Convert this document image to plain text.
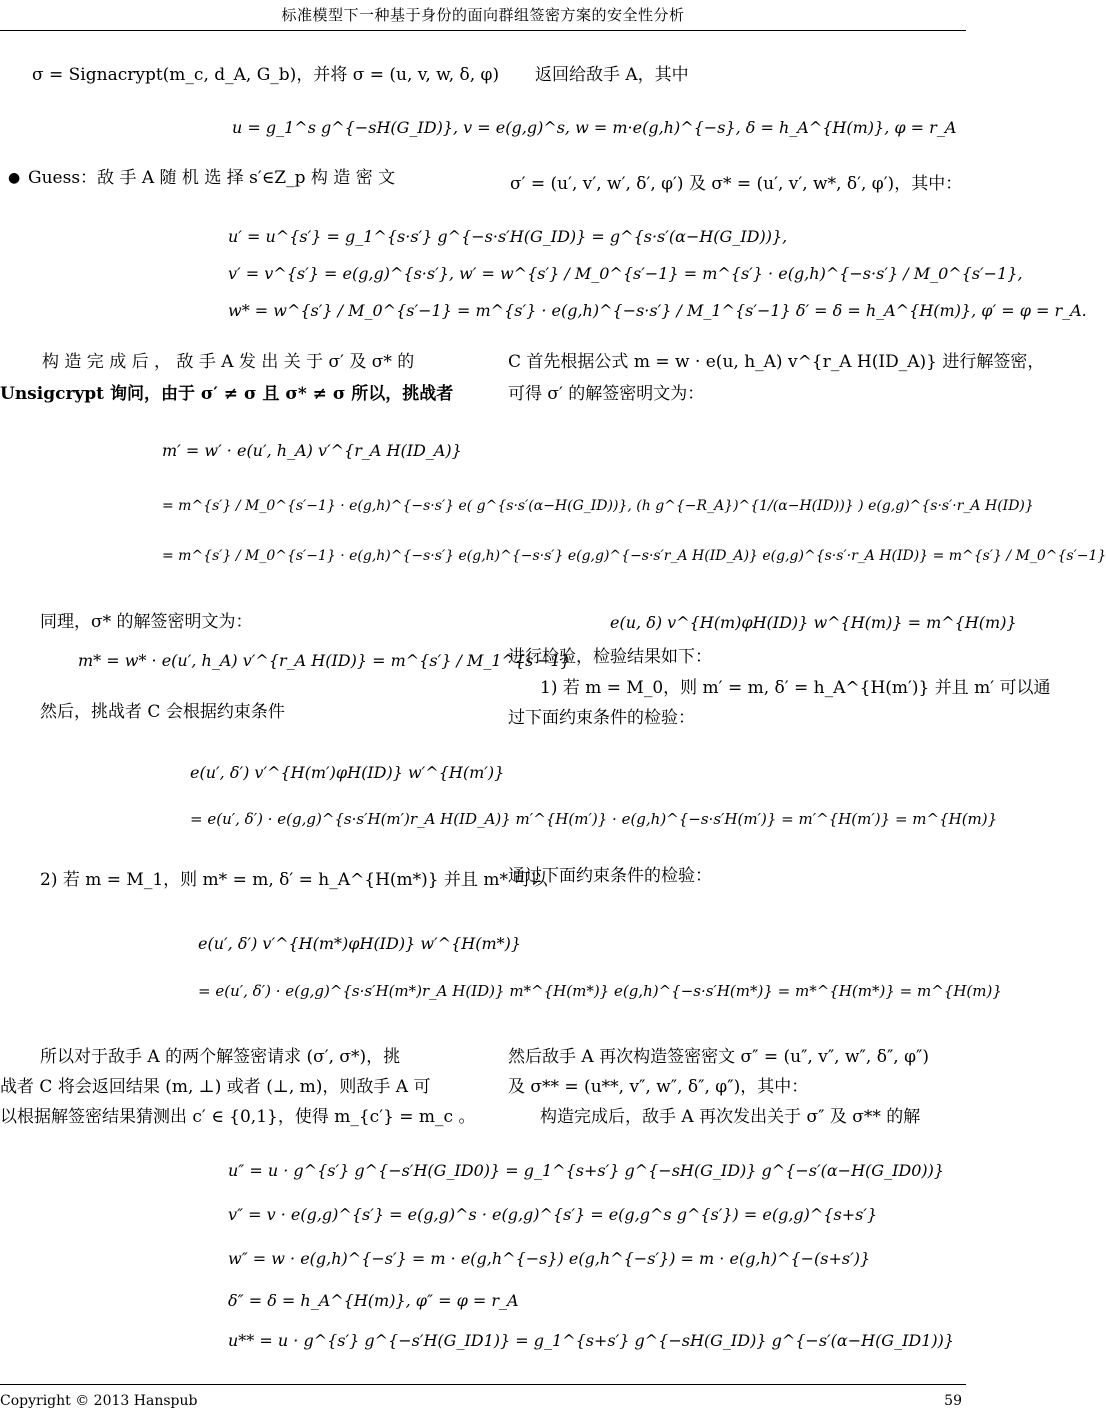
标准模型下一种基于身份的面向群组签密方案的安全性分析
σ = Signacrypt(m_c, d_A, G_b)，并将 σ = (u, v, w, δ, φ) 返回给敌手 A，其中
u = g_1^s g^{−sH(G_ID)}, v = e(g,g)^s, w = m·e(g,h)^{−s}, δ = h_A^{H(m)}, φ = r_A
● Guess：敌 手 A 随 机 选 择 s′∈Z_p 构 造 密 文	σ′ = (u′, v′, w′, δ′, φ′) 及 σ* = (u′, v′, w*, δ′, φ′)，其中：
u′ = u^{s′} = g_1^{s·s′} g^{−s·s′H(G_ID)} = g^{s·s′(α−H(G_ID))},
v′ = v^{s′} = e(g,g)^{s·s′}, w′ = w^{s′} / M_0^{s′−1} = m^{s′} · e(g,h)^{−s·s′} / M_0^{s′−1},
w* = w^{s′} / M_0^{s′−1} = m^{s′} · e(g,h)^{−s·s′} / M_1^{s′−1} δ′ = δ = h_A^{H(m)}, φ′ = φ = r_A.
构 造 完 成 后 ， 敌 手 A 发 出 关 于 σ′ 及 σ* 的
Unsigcrypt 询问，由于 σ′ ≠ σ 且 σ* ≠ σ 所以，挑战者
C 首先根据公式 m = w · e(u, h_A) v^{r_A H(ID_A)} 进行解签密，
可得 σ′ 的解签密明文为：
m′ = w′ · e(u′, h_A) v′^{r_A H(ID_A)}
= m^{s′} / M_0^{s′−1} · e(g,h)^{−s·s′} e( g^{s·s′(α−H(G_ID))}, (h g^{−R_A})^{1/(α−H(ID))} ) e(g,g)^{s·s′·r_A H(ID)}
= m^{s′} / M_0^{s′−1} · e(g,h)^{−s·s′} e(g,h)^{−s·s′} e(g,g)^{−s·s′r_A H(ID_A)} e(g,g)^{s·s′·r_A H(ID)} = m^{s′} / M_0^{s′−1}
同理，σ* 的解签密明文为：
m* = w* · e(u′, h_A) v′^{r_A H(ID)} = m^{s′} / M_1^{s′−1}
然后，挑战者 C 会根据约束条件
e(u, δ) v^{H(m)φH(ID)} w^{H(m)} = m^{H(m)}
进行检验，检验结果如下：
1) 若 m = M_0，则 m′ = m, δ′ = h_A^{H(m′)} 并且 m′ 可以通
过下面约束条件的检验：
e(u′, δ′) v′^{H(m′)φH(ID)} w′^{H(m′)}
= e(u′, δ′) · e(g,g)^{s·s′H(m′)r_A H(ID_A)} m′^{H(m′)} · e(g,h)^{−s·s′H(m′)} = m′^{H(m′)} = m^{H(m)}
2) 若 m = M_1，则 m* = m, δ′ = h_A^{H(m*)} 并且 m* 可以
通过下面约束条件的检验：
e(u′, δ′) v′^{H(m*)φH(ID)} w′^{H(m*)}
= e(u′, δ′) · e(g,g)^{s·s′H(m*)r_A H(ID)} m*^{H(m*)} e(g,h)^{−s·s′H(m*)} = m*^{H(m*)} = m^{H(m)}
所以对于敌手 A 的两个解签密请求 (σ′, σ*)，挑
战者 C 将会返回结果 (m, ⊥) 或者 (⊥, m)，则敌手 A 可
以根据解签密结果猜测出 c′ ∈ {0,1}，使得 m_{c′} = m_c 。
然后敌手 A 再次构造签密密文 σ″ = (u″, v″, w″, δ″, φ″)
及 σ** = (u**, v″, w″, δ″, φ″)，其中：
构造完成后，敌手 A 再次发出关于 σ″ 及 σ** 的解
u″ = u · g^{s′} g^{−s′H(G_ID0)} = g_1^{s+s′} g^{−sH(G_ID)} g^{−s′(α−H(G_ID0))}
v″ = v · e(g,g)^{s′} = e(g,g)^s · e(g,g)^{s′} = e(g,g^s g^{s′}) = e(g,g)^{s+s′}
w″ = w · e(g,h)^{−s′} = m · e(g,h^{−s}) e(g,h^{−s′}) = m · e(g,h)^{−(s+s′)}
δ″ = δ = h_A^{H(m)}, φ″ = φ = r_A
u** = u · g^{s′} g^{−s′H(G_ID1)} = g_1^{s+s′} g^{−sH(G_ID)} g^{−s′(α−H(G_ID1))}
Copyright © 2013 Hanspub	59
